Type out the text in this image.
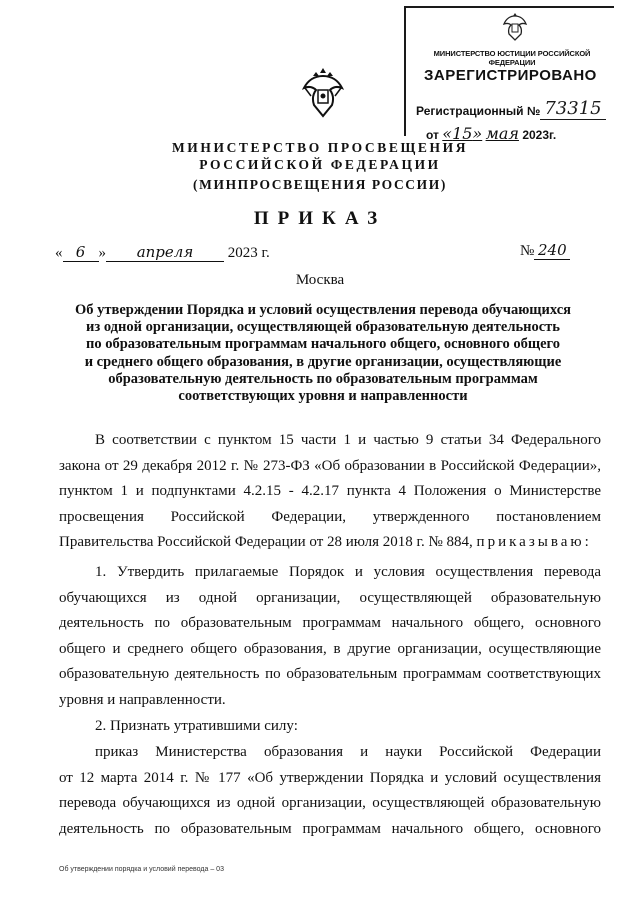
МИНИСТЕРСТВО ЮСТИЦИИ РОССИЙСКОЙ ФЕДЕРАЦИИ
ЗАРЕГИСТРИРОВАНО
Регистрационный № 73315
от «15» мая 2023г.
МИНИСТЕРСТВО ПРОСВЕЩЕНИЯ
РОССИЙСКОЙ ФЕДЕРАЦИИ
(МИНПРОСВЕЩЕНИЯ РОССИИ)
ПРИКАЗ
« 6 » апреля 2023 г.	№ 240
Москва
Об утверждении Порядка и условий осуществления перевода обучающихся
из одной организации, осуществляющей образовательную деятельность
по образовательным программам начального общего, основного общего
и среднего общего образования, в другие организации, осуществляющие
образовательную деятельность по образовательным программам
соответствующих уровня и направленности
В соответствии с пунктом 15 части 1 и частью 9 статьи 34 Федерального
закона от 29 декабря 2012 г. № 273-ФЗ «Об образовании в Российской Федерации»,
пунктом 1 и подпунктами 4.2.15 - 4.2.17 пункта 4 Положения о Министерстве
просвещения Российской Федерации, утвержденного постановлением
Правительства Российской Федерации от 28 июля 2018 г. № 884, приказываю:
1. Утвердить прилагаемые Порядок и условия осуществления перевода
обучающихся из одной организации, осуществляющей образовательную
деятельность по образовательным программам начального общего, основного
общего и среднего общего образования, в другие организации, осуществляющие
образовательную деятельность по образовательным программам соответствующих
уровня и направленности.
2. Признать утратившими силу:
приказ Министерства образования и науки Российской Федерации
от 12 марта 2014 г. № 177 «Об утверждении Порядка и условий осуществления
перевода обучающихся из одной организации, осуществляющей образовательную
деятельность по образовательным программам начального общего, основного
Об утверждении порядка и условий перевода – 03
